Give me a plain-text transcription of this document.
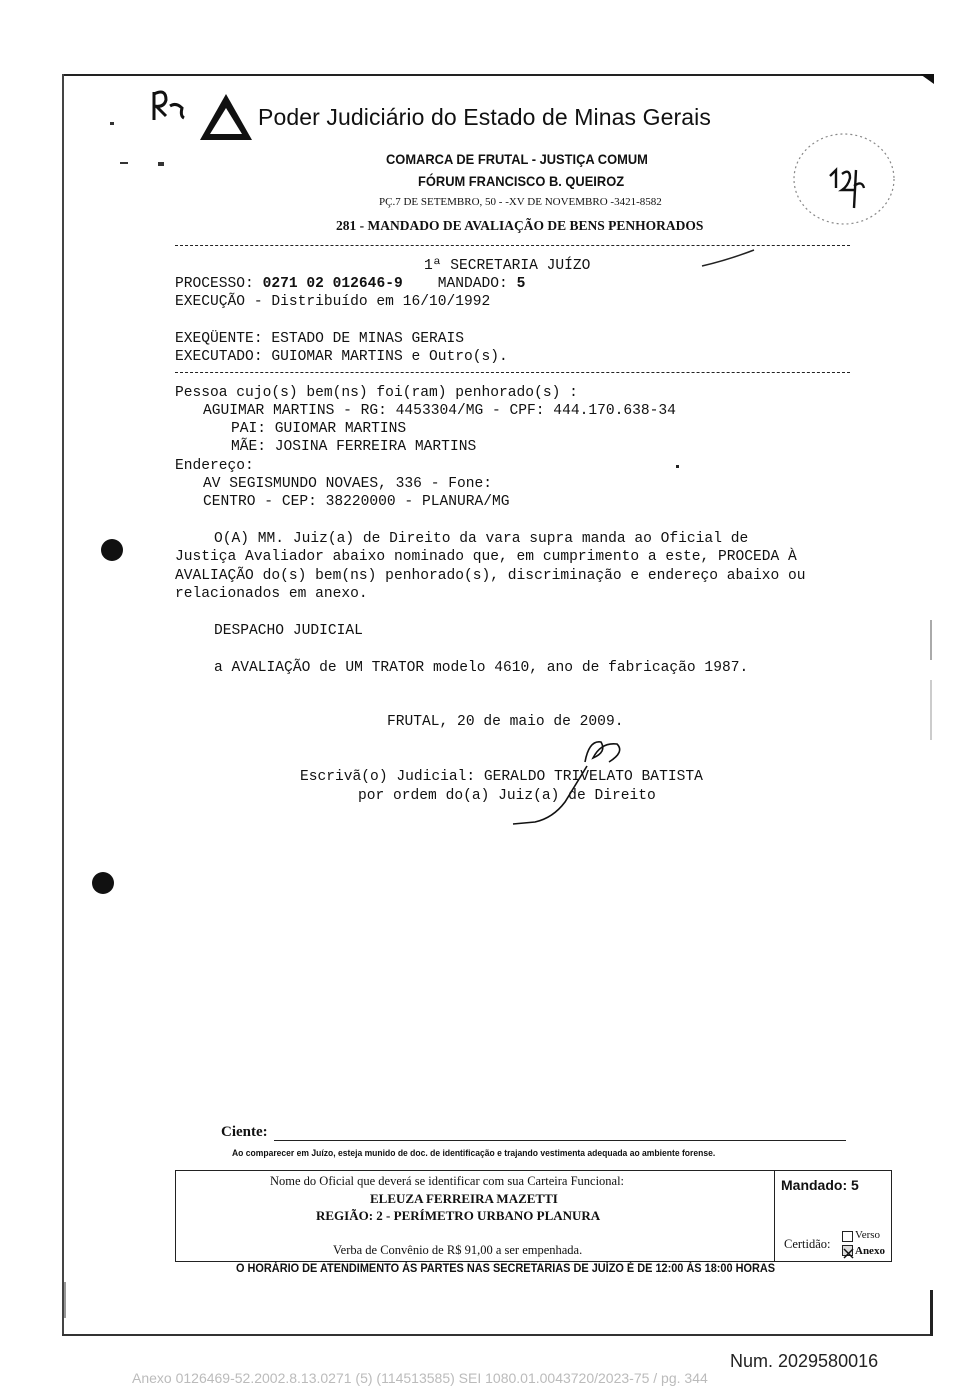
Poder Judiciário do Estado de Minas Gerais
COMARCA DE FRUTAL - JUSTIÇA COMUM
FÓRUM FRANCISCO B. QUEIROZ
PÇ.7 DE SETEMBRO, 50 - -XV DE NOVEMBRO -3421-8582
281 - MANDADO DE AVALIAÇÃO DE BENS PENHORADOS
1ª SECRETARIA JUÍZO
PROCESSO: 0271 02 012646-9 MANDADO: 5
EXECUÇÃO - Distribuído em 16/10/1992
EXEQÜENTE: ESTADO DE MINAS GERAIS
EXECUTADO: GUIOMAR MARTINS e Outro(s).
Pessoa cujo(s) bem(ns) foi(ram) penhorado(s) :
AGUIMAR MARTINS - RG: 4453304/MG - CPF: 444.170.638-34
PAI: GUIOMAR MARTINS
MÃE: JOSINA FERREIRA MARTINS
Endereço:
AV SEGISMUNDO NOVAES, 336 - Fone:
CENTRO - CEP: 38220000 - PLANURA/MG
O(A) MM. Juiz(a) de Direito da vara supra manda ao Oficial de
Justiça Avaliador abaixo nominado que, em cumprimento a este, PROCEDA À
AVALIAÇÃO do(s) bem(ns) penhorado(s), discriminação e endereço abaixo ou
relacionados em anexo.
DESPACHO JUDICIAL
a AVALIAÇÃO de UM TRATOR modelo 4610, ano de fabricação 1987.
FRUTAL, 20 de maio de 2009.
Escrivã(o) Judicial: GERALDO TRIVELATO BATISTA
por ordem do(a) Juiz(a) de Direito
Ciente:
Ao comparecer em Juízo, esteja munido de doc. de identificação e trajando vestimenta adequada ao ambiente forense.
Nome do Oficial que deverá se identificar com sua Carteira Funcional:
ELEUZA FERREIRA MAZETTI
REGIÃO: 2 - PERÍMETRO URBANO PLANURA
Verba de Convênio de R$ 91,00 a ser empenhada.
Mandado: 5
Certidão:
Verso
Anexo
O HORÁRIO DE ATENDIMENTO ÀS PARTES NAS SECRETARIAS DE JUÍZO É DE 12:00 ÀS 18:00 HORAS
Num. 2029580016
Anexo 0126469-52.2002.8.13.0271 (5) (114513585) SEI 1080.01.0043720/2023-75 / pg. 344
